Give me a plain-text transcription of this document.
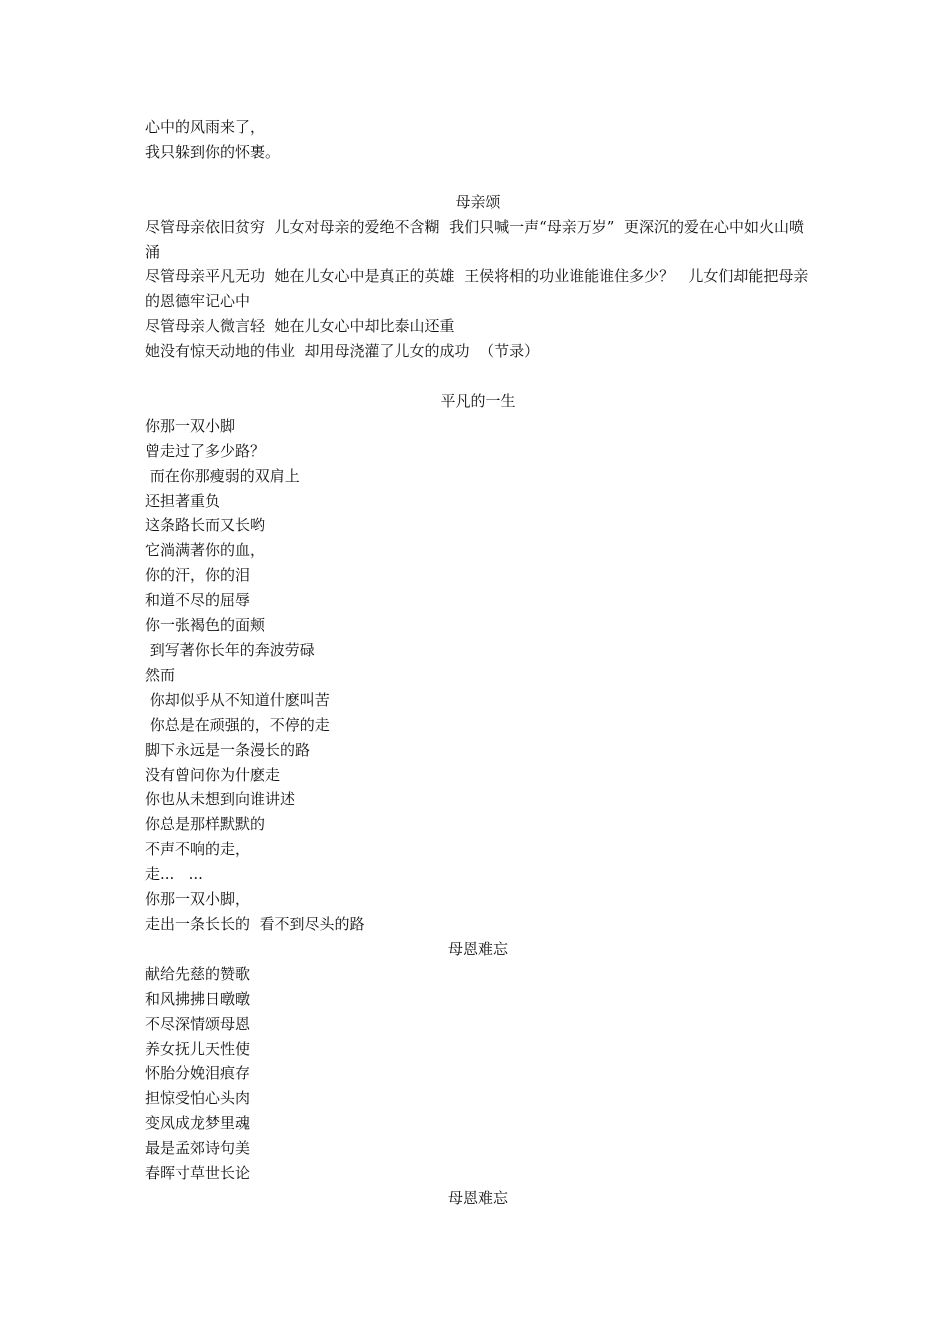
心中的风雨来了，
我只躲到你的怀裹。
母亲颂
尽管母亲依旧贫穷  儿女对母亲的爱绝不含糊  我们只喊一声“母亲万岁”  更深沉的爱在心中如火山喷涌
尽管母亲平凡无功  她在儿女心中是真正的英雄  王侯将相的功业谁能谁住多少？   儿女们却能把母亲的恩德牢记心中
尽管母亲人微言轻  她在儿女心中却比泰山还重
她没有惊天动地的伟业  却用母浇灌了儿女的成功  （节录）
平凡的一生
你那一双小脚
曾走过了多少路？
而在你那瘦弱的双肩上
还担著重负
这条路长而又长哟
它淌满著你的血，
你的汗，你的泪
和道不尽的屈辱
你一张褐色的面颊
到写著你长年的奔波劳碌
然而
你却似乎从不知道什麽叫苦
你总是在顽强的，不停的走
脚下永远是一条漫长的路
没有曾问你为什麽走
你也从未想到向谁讲述
你总是那样默默的
不声不响的走，
走...   ...
你那一双小脚，
走出一条长长的  看不到尽头的路
母恩难忘
献给先慈的赞歌
和风拂拂日暾暾
不尽深情颂母恩
养女抚儿天性使
怀胎分娩泪痕存
担惊受怕心头肉
变凤成龙梦里魂
最是孟郊诗句美
春晖寸草世长论
母恩难忘
